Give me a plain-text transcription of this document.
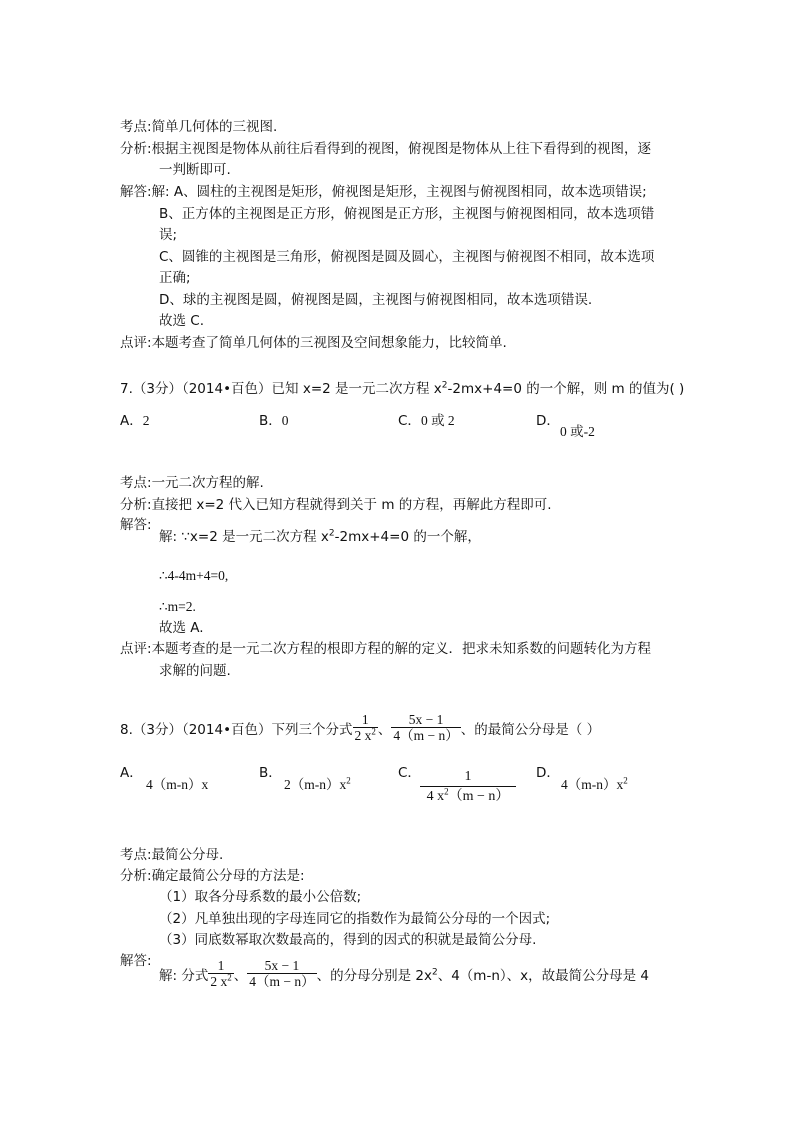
考点:简单几何体的三视图.
分析:根据主视图是物体从前往后看得到的视图，俯视图是物体从上往下看得到的视图，逐
一判断即可.
解答:解: A、圆柱的主视图是矩形，俯视图是矩形，主视图与俯视图相同，故本选项错误;
B、正方体的主视图是正方形，俯视图是正方形，主视图与俯视图相同，故本选项错
误;
C、圆锥的主视图是三角形，俯视图是圆及圆心，主视图与俯视图不相同，故本选项
正确;
D、球的主视图是圆，俯视图是圆，主视图与俯视图相同，故本选项错误.
故选 C.
点评:本题考查了简单几何体的三视图及空间想象能力，比较简单.
7.（3分）（2014•百色）已知 x=2 是一元二次方程 $x^2-2mx+4=0$ 的一个解，则 m 的值为( )
A．2	B．0	C．0 或 2	D．
0 或-2
考点:一元二次方程的解.
分析:直接把 x=2 代入已知方程就得到关于 m 的方程，再解此方程即可.
解答:
解: ∵x=2 是一元二次方程 $x^2-2mx+4=0$ 的一个解，
∴4-4m+4=0,
∴m=2.
故选 A.
点评:本题考查的是一元二次方程的根即方程的解的定义．把求未知系数的问题转化为方程
求解的问题.
8.（3分）（2014•百色）下列三个分式 $\frac{1}{2 x^2}$ 、 $\frac{5x - 1}{4(m - n)}$ 、的最简公分母是（ ）
A．
4（m-n）x
B．
$2(m-n)x^2$	C． $\frac{1}{4 x^2(m - n)}$ D．
$4(m-n)x^2$
考点:最简公分母.
分析:确定最简公分母的方法是:
（1）取各分母系数的最小公倍数;
（2）凡单独出现的字母连同它的指数作为最简公分母的一个因式;
（3）同底数幂取次数最高的，得到的因式的积就是最简公分母.
解答:
解: 分式 $\frac{1}{2 x^2}$ 、 $\frac{5x - 1}{4(m - n)}$ 、的分母分别是 $2x^2$、4（m-n）、x，故最简公分母是 4
